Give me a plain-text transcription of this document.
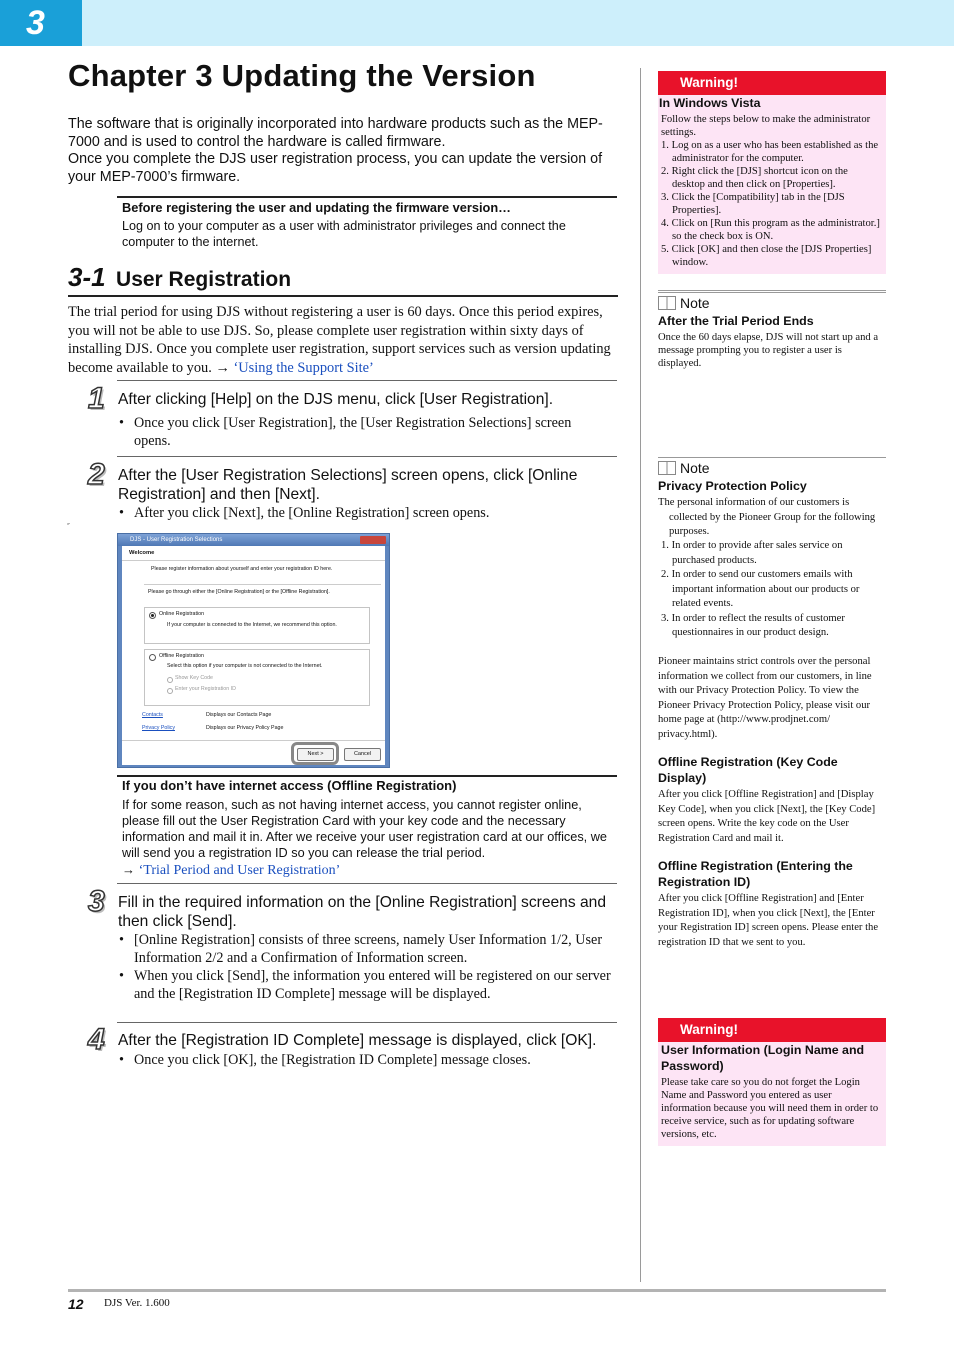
3
Chapter 3 Updating the Version
The software that is originally incorporated into hardware products such as the MEP-7000 and is used to control the hardware is called firmware.
Once you complete the DJS user registration process, you can update the version of your MEP-7000’s firmware.
Before registering the user and updating the firmware version…
Log on to your computer as a user with administrator privileges and connect the computer to the internet.
3-1 User Registration
The trial period for using DJS without registering a user is 60 days. Once this period expires, you will not be able to use DJS. So, please complete user registration within sixty days of installing DJS. Once you complete user registration, support services such as version updating become available to you. → ‘Using the Support Site’
1 After clicking [Help] on the DJS menu, click [User Registration].
• Once you click [User Registration], the [User Registration Selections] screen opens.
2 After the [User Registration Selections] screen opens, click [Online Registration] and then [Next].
• After you click [Next], the [Online Registration] screen opens.
˝
DJS - User Registration Selections
Welcome
Please register information about yourself and enter your registration ID here.
Please go through either the [Online Registration] or the [Offline Registration].
Online Registration
If your computer is connected to the Internet, we recommend this option.
Offline Registration
Select this option if your computer is not connected to the Internet.
Show Key Code
Enter your Registration ID
Contacts	Displays our Contacts Page
Privacy Policy	Displays our Privacy Policy Page
Next >	Cancel
If you don’t have internet access (Offline Registration)
If for some reason, such as not having internet access, you cannot register online, please fill out the User Registration Card with your key code and the necessary information and mail it in. After we receive your user registration card at our offices, we will send you a registration ID so you can release the trial period.
→ ‘Trial Period and User Registration’
3 Fill in the required information on the [Online Registration] screens and then click [Send].
• [Online Registration] consists of three screens, namely User Information 1/2, User Information 2/2 and a Confirmation of Information screen.
• When you click [Send], the information you entered will be registered on our server and the [Registration ID Complete] message will be displayed.
4 After the [Registration ID Complete] message is displayed, click [OK].
• Once you click [OK], the [Registration ID Complete] message closes.
Warning!
In Windows Vista
Follow the steps below to make the administrator settings.
1. Log on as a user who has been established as the administrator for the computer.
2. Right click the [DJS] shortcut icon on the desktop and then click on [Properties].
3. Click the [Compatibility] tab in the [DJS Properties].
4. Click on [Run this program as the administrator.] so the check box is ON.
5. Click [OK] and then close the [DJS Properties] window.
Note
After the Trial Period Ends
Once the 60 days elapse, DJS will not start up and a message prompting you to register a user is displayed.
Note
Privacy Protection Policy
The personal information of our customers is collected by the Pioneer Group for the following purposes.
1. In order to provide after sales service on purchased products.
2. In order to send our customers emails with important information about our products or related events.
3. In order to reflect the results of customer questionnaires in our product design.
Pioneer maintains strict controls over the personal information we collect from our customers, in line with our Privacy Protection Policy. To view the Pioneer Privacy Protection Policy, please visit our home page at (http://www.prodjnet.com/ privacy.html).
Offline Registration (Key Code Display)
After you click [Offline Registration] and [Display Key Code], when you click [Next], the [Key Code] screen opens. Write the key code on the User Registration Card and mail it.
Offline Registration (Entering the Registration ID)
After you click [Offline Registration] and [Enter Registration ID], when you click [Next], the [Enter your Registration ID] screen opens. Please enter the registration ID that we sent to you.
Warning!
User Information (Login Name and Password)
Please take care so you do not forget the Login Name and Password you entered as user information because you will need them in order to receive service, such as for updating software versions, etc.
12 DJS Ver. 1.600
